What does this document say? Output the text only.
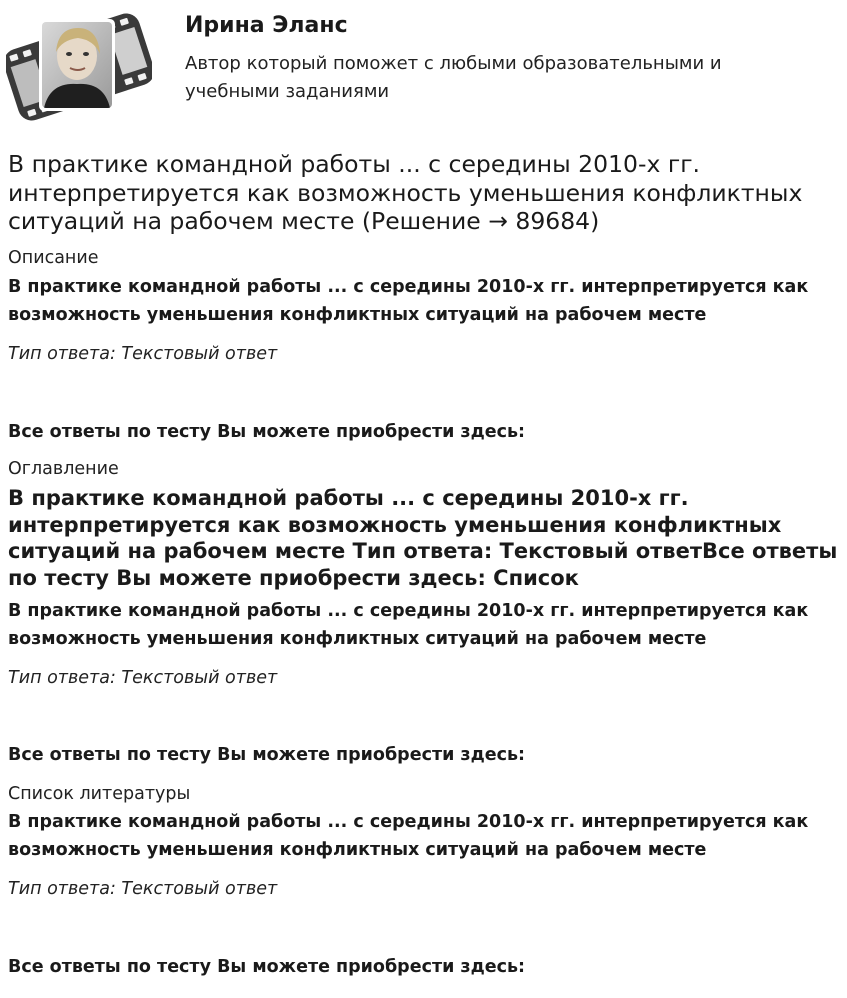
Ирина Эланс
Автор который поможет с любыми образовательными и учебными заданиями
В практике командной работы ... с середины 2010-х гг. интерпретируется как возможность уменьшения конфликтных ситуаций на рабочем месте (Решение → 89684)
Описание
В практике командной работы ... с середины 2010-х гг. интерпретируется как возможность уменьшения конфликтных ситуаций на рабочем месте
Тип ответа: Текстовый ответ
Все ответы по тесту Вы можете приобрести здесь:
Оглавление
В практике командной работы ... с середины 2010-х гг. интерпретируется как возможность уменьшения конфликтных ситуаций на рабочем месте Тип ответа: Текстовый ответВсе ответы по тесту Вы можете приобрести здесь: Список
В практике командной работы ... с середины 2010-х гг. интерпретируется как возможность уменьшения конфликтных ситуаций на рабочем месте
Тип ответа: Текстовый ответ
Все ответы по тесту Вы можете приобрести здесь:
Список литературы
В практике командной работы ... с середины 2010-х гг. интерпретируется как возможность уменьшения конфликтных ситуаций на рабочем месте
Тип ответа: Текстовый ответ
Все ответы по тесту Вы можете приобрести здесь:
